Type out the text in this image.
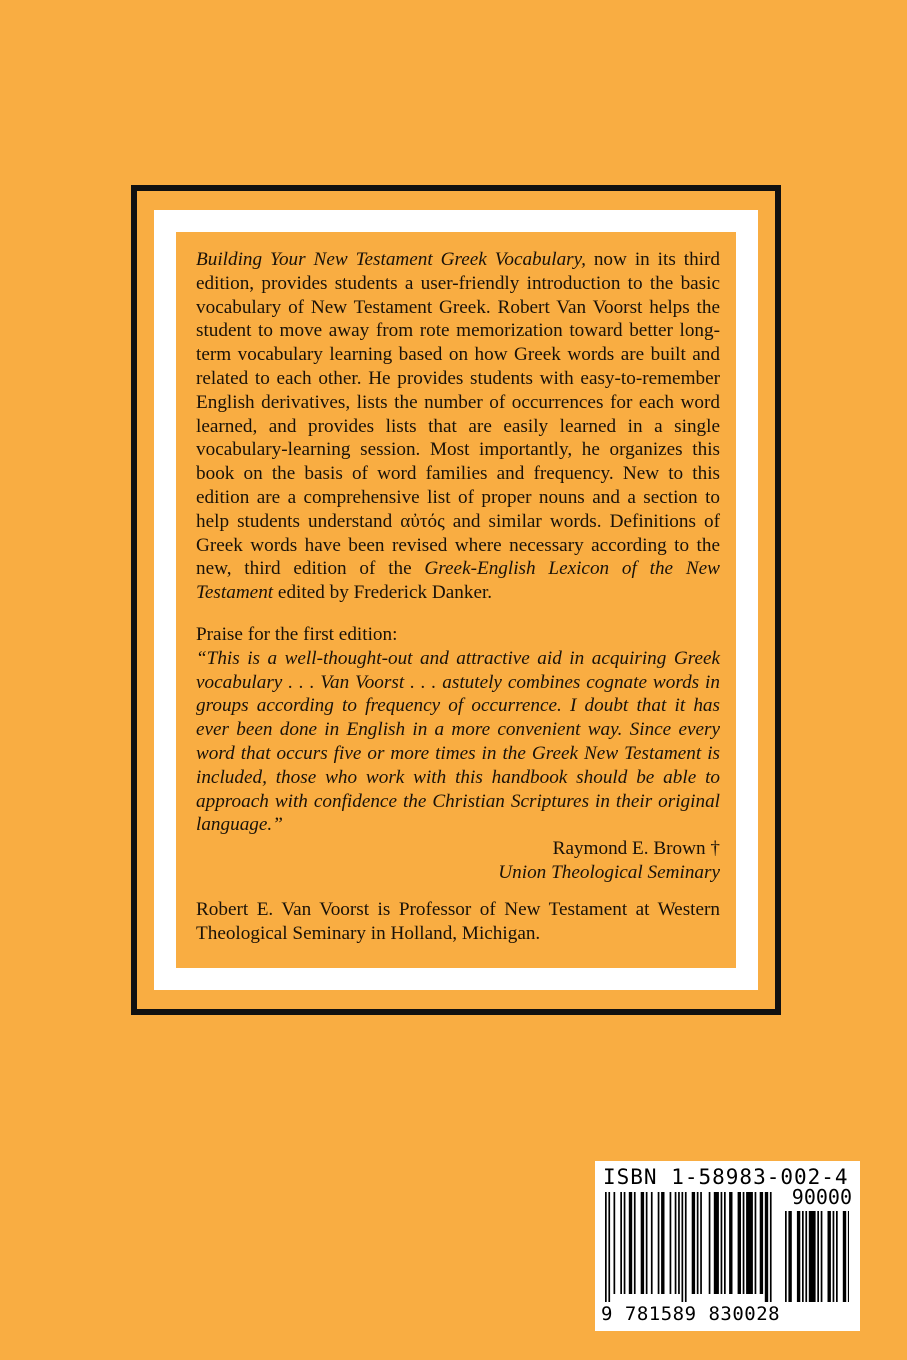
Building Your New Testament Greek Vocabulary, now in its third edition, provides students a user-friendly introduction to the basic vocabulary of New Testament Greek. Robert Van Voorst helps the student to move away from rote memorization toward better long-term vocabulary learning based on how Greek words are built and related to each other. He provides students with easy-to-remember English derivatives, lists the number of occurrences for each word learned, and provides lists that are easily learned in a single vocabulary-learning session. Most importantly, he organizes this book on the basis of word families and frequency. New to this edition are a comprehensive list of proper nouns and a section to help students understand αὐτός and similar words. Definitions of Greek words have been revised where necessary according to the new, third edition of the Greek-English Lexicon of the New Testament edited by Frederick Danker.

Praise for the first edition:

“This is a well-thought-out and attractive aid in acquiring Greek vocabulary . . . Van Voorst . . . astutely combines cognate words in groups according to frequency of occurrence. I doubt that it has ever been done in English in a more convenient way. Since every word that occurs five or more times in the Greek New Testament is included, those who work with this handbook should be able to approach with confidence the Christian Scriptures in their original language.”

Raymond E. Brown †
Union Theological Seminary

Robert E. Van Voorst is Professor of New Testament at Western Theological Seminary in Holland, Michigan.

ISBN 1-58983-002-4
90000
9 781589 830028
